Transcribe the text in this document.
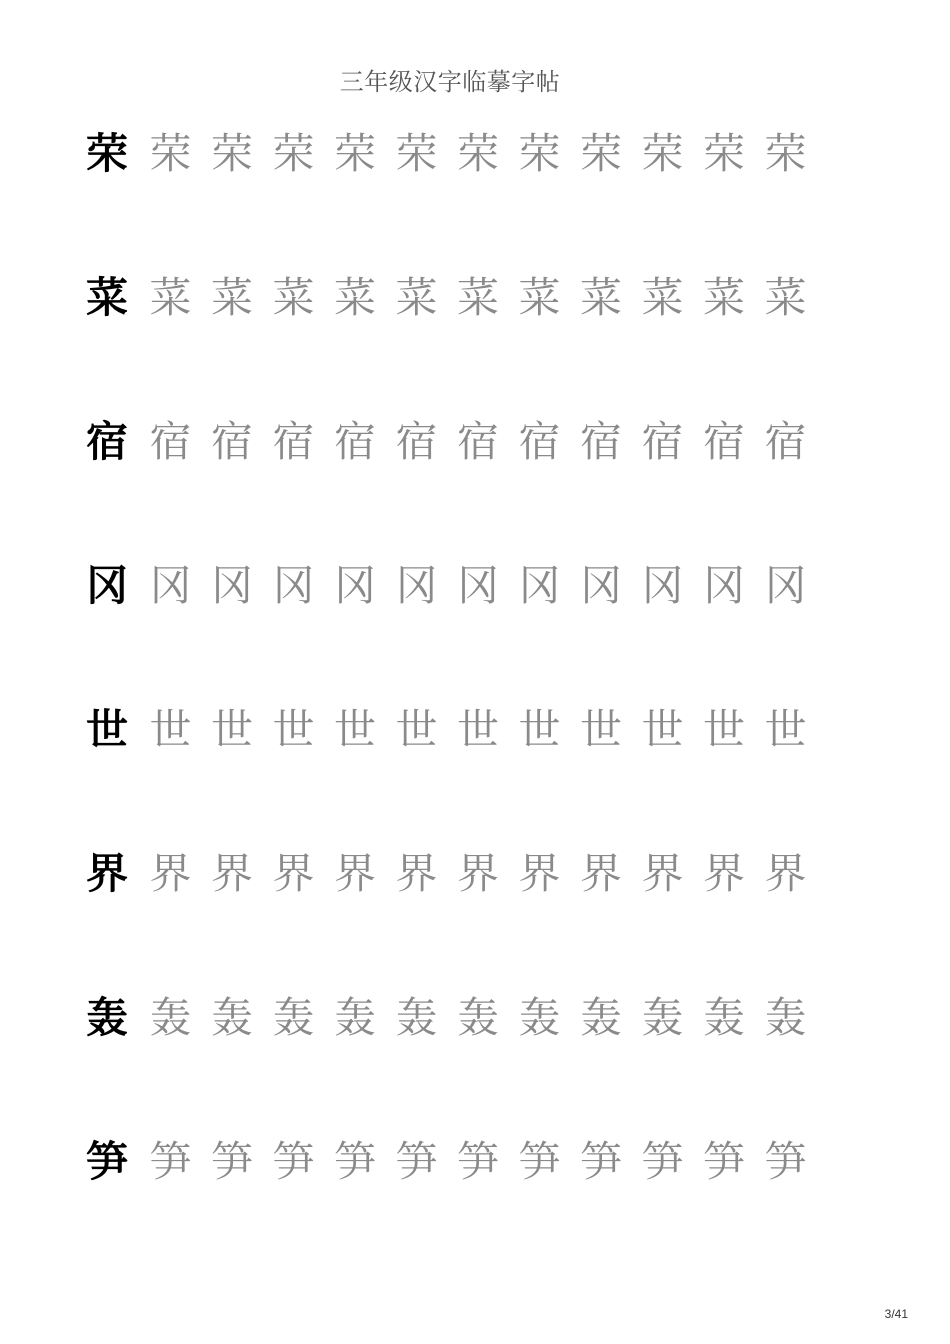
三年级汉字临摹字帖
荣 荣 荣 荣 荣 荣 荣 荣 荣 荣 荣 荣
菜 菜 菜 菜 菜 菜 菜 菜 菜 菜 菜 菜
宿 宿 宿 宿 宿 宿 宿 宿 宿 宿 宿 宿
冈 冈 冈 冈 冈 冈 冈 冈 冈 冈 冈 冈
世 世 世 世 世 世 世 世 世 世 世 世
界 界 界 界 界 界 界 界 界 界 界 界
轰 轰 轰 轰 轰 轰 轰 轰 轰 轰 轰 轰
笋 笋 笋 笋 笋 笋 笋 笋 笋 笋 笋 笋
3/41
